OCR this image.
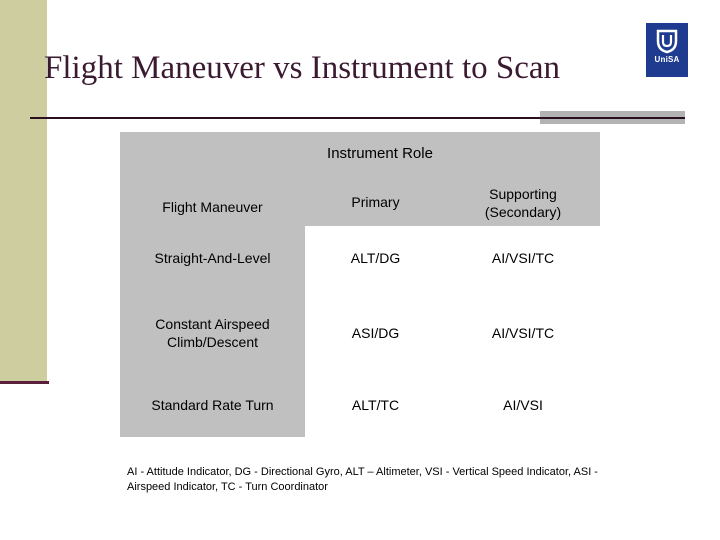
Flight Maneuver vs Instrument to Scan	UniSA
Instrument Role
Flight Maneuver	Primary	Supporting
(Secondary)
Straight-And-Level	ALT/DG	AI/VSI/TC
Constant Airspeed
Climb/Descent
ASI/DG	AI/VSI/TC
Standard Rate Turn	ALT/TC	AI/VSI
AI - Attitude Indicator, DG - Directional Gyro, ALT – Altimeter, VSI - Vertical Speed Indicator, ASI - Airspeed Indicator, TC - Turn Coordinator
